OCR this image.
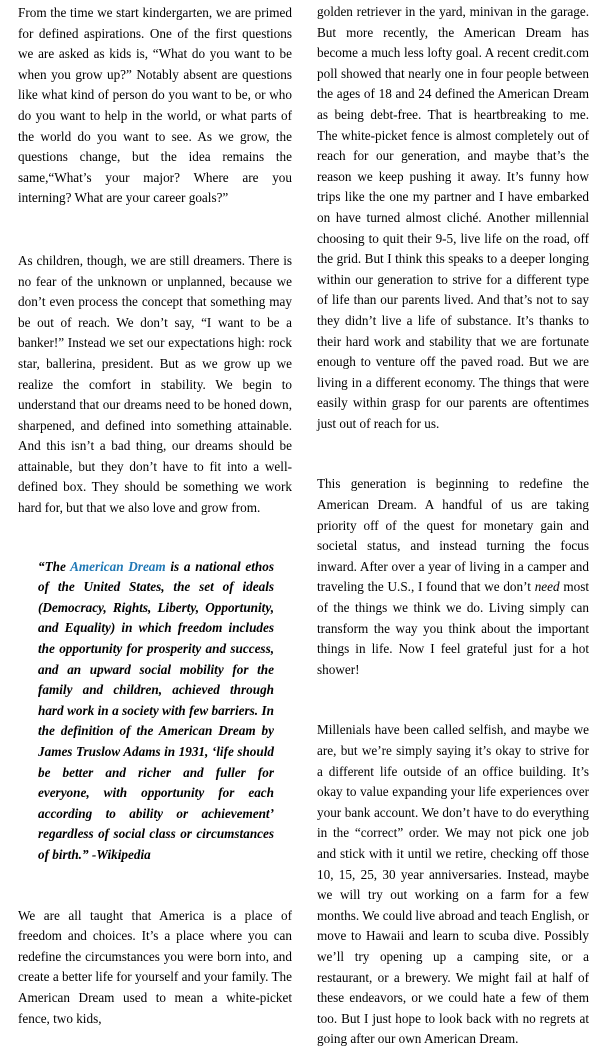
From the time we start kindergarten, we are primed for defined aspirations. One of the first questions we are asked as kids is, “What do you want to be when you grow up?” Notably absent are questions like what kind of person do you want to be, or who do you want to help in the world, or what parts of the world do you want to see. As we grow, the questions change, but the idea remains the same,“What’s your major? Where are you interning? What are your career goals?”

As children, though, we are still dreamers. There is no fear of the unknown or unplanned, because we don’t even process the concept that something may be out of reach. We don’t say, “I want to be a banker!” Instead we set our expectations high: rock star, ballerina, president. But as we grow up we realize the comfort in stability. We begin to understand that our dreams need to be honed down, sharpened, and defined into something attainable. And this isn’t a bad thing, our dreams should be attainable, but they don’t have to fit into a well-defined box. They should be something we work hard for, but that we also love and grow from.

“The American Dream is a national ethos of the United States, the set of ideals (Democracy, Rights, Liberty, Opportunity, and Equality) in which freedom includes the opportunity for prosperity and success, and an upward social mobility for the family and children, achieved through hard work in a society with few barriers. In the definition of the American Dream by James Truslow Adams in 1931, ‘life should be better and richer and fuller for everyone, with opportunity for each according to ability or achievement’ regardless of social class or circumstances of birth.” -Wikipedia

We are all taught that America is a place of freedom and choices. It’s a place where you can redefine the circumstances you were born into, and create a better life for yourself and your family. The American Dream used to mean a white-picket fence, two kids,

golden retriever in the yard, minivan in the garage. But more recently, the American Dream has become a much less lofty goal. A recent credit.com poll showed that nearly one in four people between the ages of 18 and 24 defined the American Dream as being debt-free. That is heartbreaking to me. The white-picket fence is almost completely out of reach for our generation, and maybe that’s the reason we keep pushing it away. It’s funny how trips like the one my partner and I have embarked on have turned almost cliché. Another millennial choosing to quit their 9-5, live life on the road, off the grid. But I think this speaks to a deeper longing within our generation to strive for a different type of life than our parents lived. And that’s not to say they didn’t live a life of substance. It’s thanks to their hard work and stability that we are fortunate enough to venture off the paved road. But we are living in a different economy. The things that were easily within grasp for our parents are oftentimes just out of reach for us.

This generation is beginning to redefine the American Dream. A handful of us are taking priority off of the quest for monetary gain and societal status, and instead turning the focus inward. After over a year of living in a camper and traveling the U.S., I found that we don’t need most of the things we think we do. Living simply can transform the way you think about the important things in life. Now I feel grateful just for a hot shower!

Millenials have been called selfish, and maybe we are, but we’re simply saying it’s okay to strive for a different life outside of an office building. It’s okay to value expanding your life experiences over your bank account. We don’t have to do everything in the “correct” order. We may not pick one job and stick with it until we retire, checking off those 10, 15, 25, 30 year anniversaries. Instead, maybe we will try out working on a farm for a few months. We could live abroad and teach English, or move to Hawaii and learn to scuba dive. Possibly we’ll try opening up a camping site, or a restaurant, or a brewery. We might fail at half of these endeavors, or we could hate a few of them too. But I just hope to look back with no regrets at going after our own American Dream.
